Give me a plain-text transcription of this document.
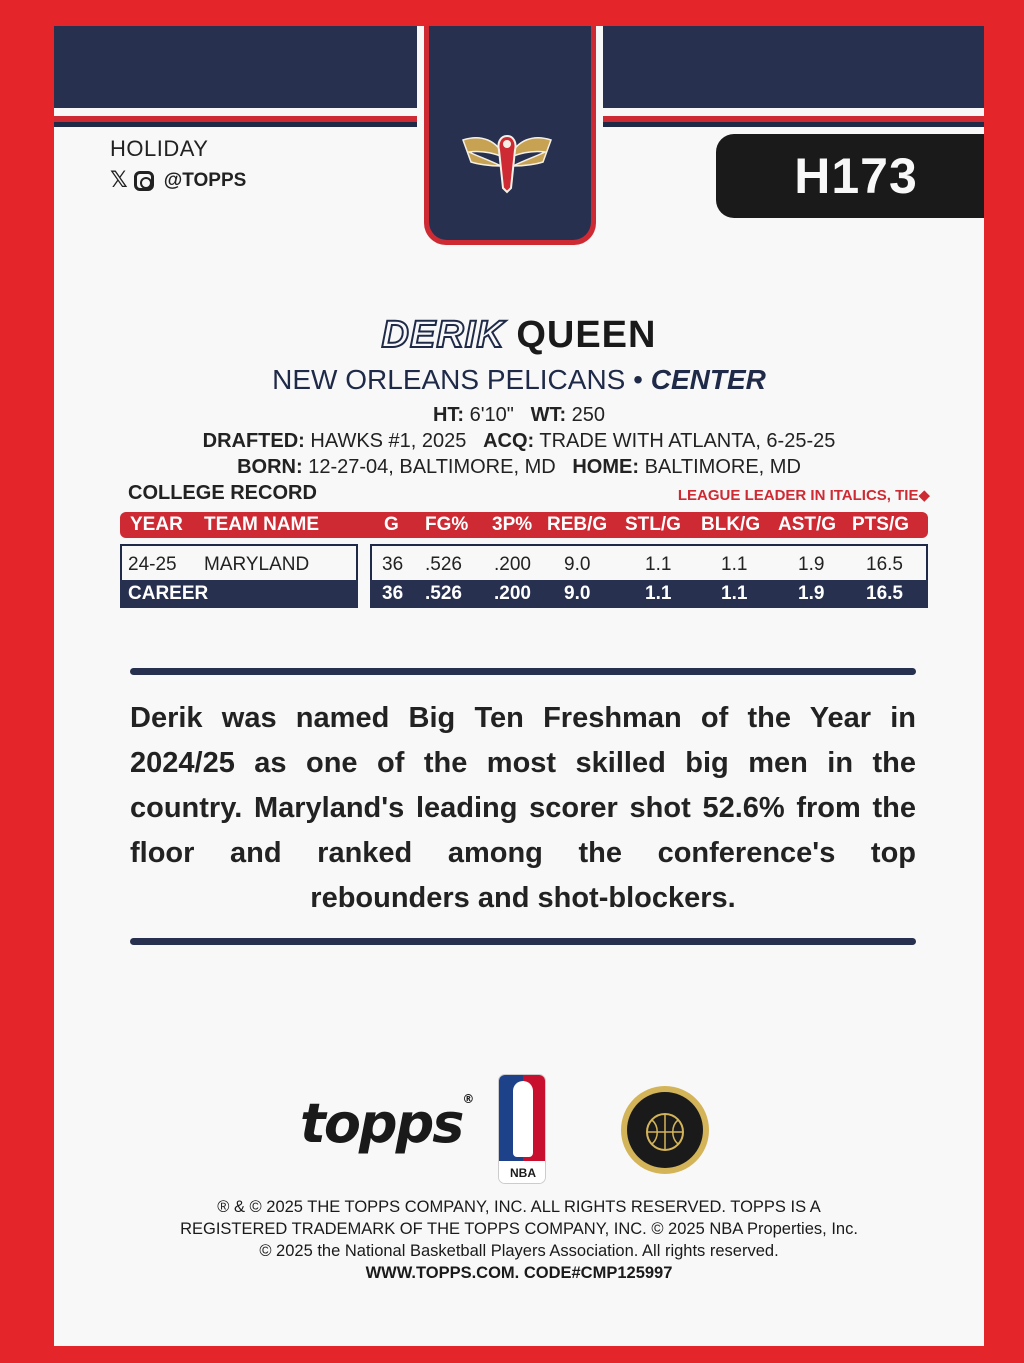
HOLIDAY
𝕏 @TOPPS	H173
DERIK QUEEN
NEW ORLEANS PELICANS • CENTER
HT: 6'10" WT: 250
DRAFTED: HAWKS #1, 2025 ACQ: TRADE WITH ATLANTA, 6-25-25
BORN: 12-27-04, BALTIMORE, MD HOME: BALTIMORE, MD
COLLEGE RECORD	LEAGUE LEADER IN ITALICS, TIE◆
YEAR TEAM NAME	G FG% 3P% REB/G STL/G BLK/G AST/G PTS/G
24-25 MARYLAND	36 .526 .200 9.0	1.1	1.1	1.9 16.5
CAREER	36 .526 .200 9.0	1.1	1.1	1.9 16.5
Derik was named Big Ten Freshman of the Year in 2024/25 as one of the most skilled big men in the country. Maryland's leading scorer shot 52.6% from the floor and ranked among the conference's top rebounders and shot-blockers.
topps®
NBA
® & © 2025 THE TOPPS COMPANY, INC. ALL RIGHTS RESERVED. TOPPS IS A
REGISTERED TRADEMARK OF THE TOPPS COMPANY, INC. © 2025 NBA Properties, Inc.
© 2025 the National Basketball Players Association. All rights reserved.
WWW.TOPPS.COM. CODE#CMP125997
